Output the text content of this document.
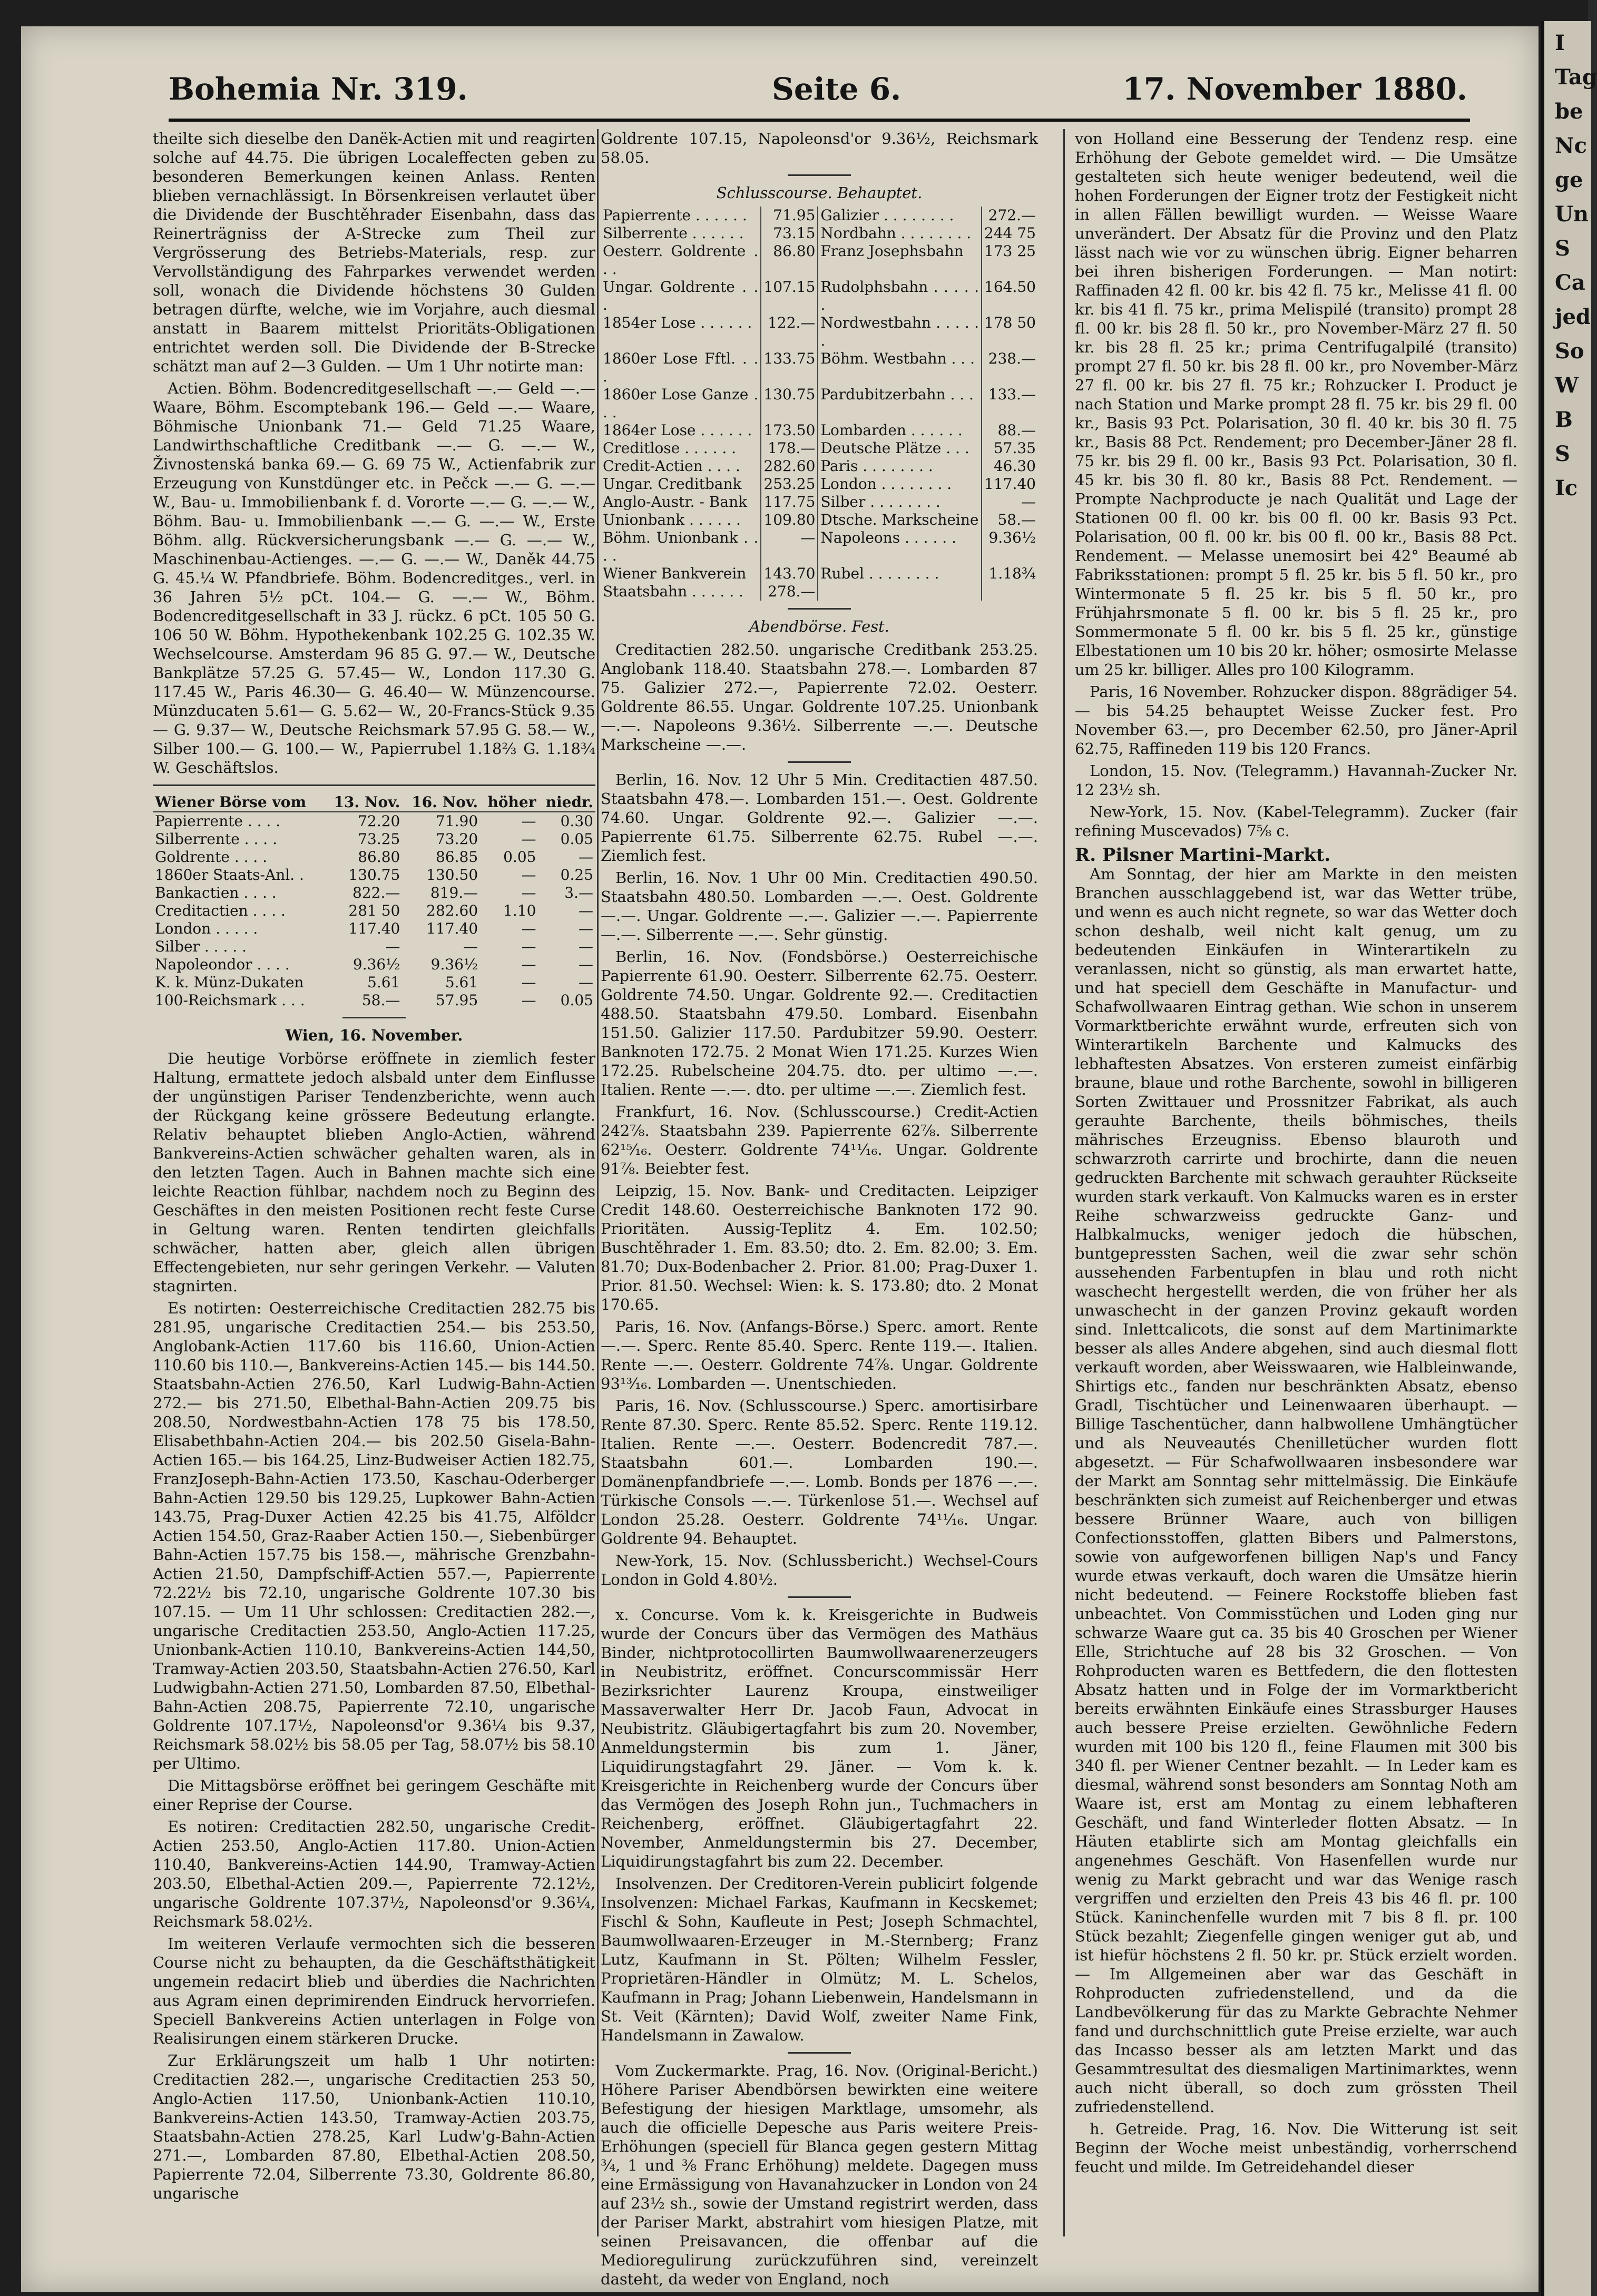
I
Tag
be
Nc
ge
Un
S
Ca
jed
So
W
B
S
Ic
Bohemia Nr. 319.	Seite 6.	17. November 1880.

theilte sich dieselbe den Danëk-Actien mit und reagirten solche auf 44.75. Die übrigen Localeffecten geben zu besonderen Bemerkungen keinen Anlass. Renten blieben vernachlässigt. In Börsenkreisen verlautet über die Dividende der Buschtěhrader Eisenbahn, dass das Reinerträgniss der A-Strecke zum Theil zur Vergrösserung des Betriebs-Materials, resp. zur Vervollständigung des Fahrparkes verwendet werden soll, wonach die Dividende höchstens 30 Gulden betragen dürfte, welche, wie im Vorjahre, auch diesmal anstatt in Baarem mittelst Prioritäts-Obligationen entrichtet werden soll. Die Dividende der B-Strecke schätzt man auf 2—3 Gulden. — Um 1 Uhr notirte man:

Actien. Böhm. Bodencreditgesellschaft —.— Geld —.— Waare, Böhm. Escomptebank 196.— Geld —.— Waare, Böhmische Unionbank 71.— Geld 71.25 Waare, Landwirthschaftliche Creditbank —.— G. —.— W., Živnostenská banka 69.— G. 69 75 W., Actienfabrik zur Erzeugung von Kunstdünger etc. in Pečck —.— G. —.— W., Bau- u. Immobilienbank f. d. Vororte —.— G. —.— W., Böhm. Bau- u. Immobilienbank —.— G. —.— W., Erste Böhm. allg. Rückversicherungsbank —.— G. —.— W., Maschinenbau-Actienges. —.— G. —.— W., Daněk 44.75 G. 45.¼ W. Pfandbriefe. Böhm. Bodencreditges., verl. in 36 Jahren 5½ pCt. 104.— G. —.— W., Böhm. Bodencreditgesellschaft in 33 J. rückz. 6 pCt. 105 50 G. 106 50 W. Böhm. Hypothekenbank 102.25 G. 102.35 W. Wechselcourse. Amsterdam 96 85 G. 97.— W., Deutsche Bankplätze 57.25 G. 57.45— W., London 117.30 G. 117.45 W., Paris 46.30— G. 46.40— W. Münzencourse. Münzducaten 5.61— G. 5.62— W., 20-Francs-Stück 9.35— G. 9.37— W., Deutsche Reichsmark 57.95 G. 58.— W., Silber 100.— G. 100.— W., Papierrubel 1.18⅔ G. 1.18¾ W. Geschäftslos.

Wiener Börse vom	13. Nov.	16. Nov.	höher	niedr.
Papierrente . . . .	72.20	71.90	—	0.30
Silberrente . . . .	73.25	73.20	—	0.05
Goldrente . . . .	86.80	86.85	0.05	—
1860er Staats-Anl. .	130.75	130.50	—	0.25
Bankactien . . . .	822.—	819.—	—	3.—
Creditactien . . . .	281 50	282.60	1.10	—
London . . . . .	117.40	117.40	—	—
Silber . . . . .	—	—	—	—
Napoleondor . . . .	9.36½	9.36½	—	—
K. k. Münz-Dukaten	5.61	5.61	—	—
100-Reichsmark . . .	58.—	57.95	—	0.05
Wien, 16. November.

Die heutige Vorbörse eröffnete in ziemlich fester Haltung, ermattete jedoch alsbald unter dem Einflusse der ungünstigen Pariser Tendenzberichte, wenn auch der Rückgang keine grössere Bedeutung erlangte. Relativ behauptet blieben Anglo-Actien, während Bankvereins-Actien schwächer gehalten waren, als in den letzten Tagen. Auch in Bahnen machte sich eine leichte Reaction fühlbar, nachdem noch zu Beginn des Geschäftes in den meisten Positionen recht feste Curse in Geltung waren. Renten tendirten gleichfalls schwächer, hatten aber, gleich allen übrigen Effectengebieten, nur sehr geringen Verkehr. — Valuten stagnirten.

Es notirten: Oesterreichische Creditactien 282.75 bis 281.95, ungarische Creditactien 254.— bis 253.50, Anglobank-Actien 117.60 bis 116.60, Union-Actien 110.60 bis 110.—, Bankvereins-Actien 145.— bis 144.50. Staatsbahn-Actien 276.50, Karl Ludwig-Bahn-Actien 272.— bis 271.50, Elbethal-Bahn-Actien 209.75 bis 208.50, Nordwestbahn-Actien 178 75 bis 178.50, Elisabethbahn-Actien 204.— bis 202.50 Gisela-Bahn-Actien 165.— bis 164.25, Linz-Budweiser Actien 182.75, FranzJoseph-Bahn-Actien 173.50, Kaschau-Oderberger Bahn-Actien 129.50 bis 129.25, Lupkower Bahn-Actien 143.75, Prag-Duxer Actien 42.25 bis 41.75, Alföldcr Actien 154.50, Graz-Raaber Actien 150.—, Siebenbürger Bahn-Actien 157.75 bis 158.—, mährische Grenzbahn-Actien 21.50, Dampfschiff-Actien 557.—, Papierrente 72.22½ bis 72.10, ungarische Goldrente 107.30 bis 107.15. — Um 11 Uhr schlossen: Creditactien 282.—, ungarische Creditactien 253.50, Anglo-Actien 117.25, Unionbank-Actien 110.10, Bankvereins-Actien 144,50, Tramway-Actien 203.50, Staatsbahn-Actien 276.50, Karl Ludwigbahn-Actien 271.50, Lombarden 87.50, Elbethal-Bahn-Actien 208.75, Papierrente 72.10, ungarische Goldrente 107.17½, Napoleonsd'or 9.36¼ bis 9.37, Reichsmark 58.02½ bis 58.05 per Tag, 58.07½ bis 58.10 per Ultimo.

Die Mittagsbörse eröffnet bei geringem Geschäfte mit einer Reprise der Course.

Es notiren: Creditactien 282.50, ungarische Credit-Actien 253.50, Anglo-Actien 117.80. Union-Actien 110.40, Bankvereins-Actien 144.90, Tramway-Actien 203.50, Elbethal-Actien 209.—, Papierrente 72.12½, ungarische Goldrente 107.37½, Napoleonsd'or 9.36¼, Reichsmark 58.02½.

Im weiteren Verlaufe vermochten sich die besseren Course nicht zu behaupten, da die Geschäftsthätigkeit ungemein redacirt blieb und überdies die Nachrichten aus Agram einen deprimirenden Eindruck hervorriefen. Speciell Bankvereins Actien unterlagen in Folge von Realisirungen einem stärkeren Drucke.

Zur Erklärungszeit um halb 1 Uhr notirten: Creditactien 282.—, ungarische Creditactien 253 50, Anglo-Actien 117.50, Unionbank-Actien 110.10, Bankvereins-Actien 143.50, Tramway-Actien 203.75, Staatsbahn-Actien 278.25, Karl Ludw'g-Bahn-Actien 271.—, Lombarden 87.80, Elbethal-Actien 208.50, Papierrente 72.04, Silberrente 73.30, Goldrente 86.80, ungarische

Goldrente 107.15, Napoleonsd'or 9.36½, Reichsmark 58.05.

Schlusscourse. Behauptet.
Papierrente . . . . . .	71.95	Galizier . . . . . . . .	272.—
Silberrente . . . . . .	73.15	Nordbahn . . . . . . . .	244 75
Oesterr. Goldrente . . .	86.80	Franz Josephsbahn	173 25
Ungar. Goldrente . . .	107.15	Rudolphsbahn . . . . . .	164.50
1854er Lose . . . . . .	122.—	Nordwestbahn . . . . . .	178 50
1860er Lose Fftl. . . .	133.75	Böhm. Westbahn . . .	238.—
1860er Lose Ganze . . .	130.75	Pardubitzerbahn . . .	133.—
1864er Lose . . . . . .	173.50	Lombarden . . . . . .	88.—
Creditlose . . . . . .	178.—	Deutsche Plätze . . .	57.35
Credit-Actien . . . .	282.60	Paris . . . . . . . .	46.30
Ungar. Creditbank	253.25	London . . . . . . . .	117.40
Anglo-Austr. - Bank	117.75	Silber . . . . . . . .	—
Unionbank . . . . . .	109.80	Dtsche. Markscheine	58.—
Böhm. Unionbank . . . .	—	Napoleons . . . . . .	9.36½
Wiener Bankverein	143.70	Rubel . . . . . . . .	1.18¾
Staatsbahn . . . . . .	278.—		
Abendbörse. Fest.

Creditactien 282.50. ungarische Creditbank 253.25. Anglobank 118.40. Staatsbahn 278.—. Lombarden 87 75. Galizier 272.—, Papierrente 72.02. Oesterr. Goldrente 86.55. Ungar. Goldrente 107.25. Unionbank —.—. Napoleons 9.36½. Silberrente —.—. Deutsche Markscheine —.—.

Berlin, 16. Nov. 12 Uhr 5 Min. Creditactien 487.50. Staatsbahn 478.—. Lombarden 151.—. Oest. Goldrente 74.60. Ungar. Goldrente 92.—. Galizier —.—. Papierrente 61.75. Silberrente 62.75. Rubel —.—. Ziemlich fest.

Berlin, 16. Nov. 1 Uhr 00 Min. Creditactien 490.50. Staatsbahn 480.50. Lombarden —.—. Oest. Goldrente —.—. Ungar. Goldrente —.—. Galizier —.—. Papierrente —.—. Silberrente —.—. Sehr günstig.

Berlin, 16. Nov. (Fondsbörse.) Oesterreichische Papierrente 61.90. Oesterr. Silberrente 62.75. Oesterr. Goldrente 74.50. Ungar. Goldrente 92.—. Creditactien 488.50. Staatsbahn 479.50. Lombard. Eisenbahn 151.50. Galizier 117.50. Pardubitzer 59.90. Oesterr. Banknoten 172.75. 2 Monat Wien 171.25. Kurzes Wien 172.25. Rubelscheine 204.75. dto. per ultimo —.—. Italien. Rente —.—. dto. per ultime —.—. Ziemlich fest.

Frankfurt, 16. Nov. (Schlusscourse.) Credit-Actien 242⅞. Staatsbahn 239. Papierrente 62⅞. Silberrente 62¹⁵⁄₁₆. Oesterr. Goldrente 74¹¹⁄₁₆. Ungar. Goldrente 91⅞. Beiebter fest.

Leipzig, 15. Nov. Bank- und Creditacten. Leipziger Credit 148.60. Oesterreichische Banknoten 172 90. Prioritäten. Aussig-Teplitz 4. Em. 102.50; Buschtěhrader 1. Em. 83.50; dto. 2. Em. 82.00; 3. Em. 81.70; Dux-Bodenbacher 2. Prior. 81.00; Prag-Duxer 1. Prior. 81.50. Wechsel: Wien: k. S. 173.80; dto. 2 Monat 170.65.

Paris, 16. Nov. (Anfangs-Börse.) Sperc. amort. Rente —.—. Sperc. Rente 85.40. Sperc. Rente 119.—. Italien. Rente —.—. Oesterr. Goldrente 74⅞. Ungar. Goldrente 93¹³⁄₁₆. Lombarden —. Unentschieden.

Paris, 16. Nov. (Schlusscourse.) Sperc. amortisirbare Rente 87.30. Sperc. Rente 85.52. Sperc. Rente 119.12. Italien. Rente —.—. Oesterr. Bodencredit 787.—. Staatsbahn 601.—. Lombarden 190.—. Domänenpfandbriefe —.—. Lomb. Bonds per 1876 —.—. Türkische Consols —.—. Türkenlose 51.—. Wechsel auf London 25.28. Oesterr. Goldrente 74¹¹⁄₁₆. Ungar. Goldrente 94. Behauptet.

New-York, 15. Nov. (Schlussbericht.) Wechsel-Cours London in Gold 4.80½.

x. Concurse. Vom k. k. Kreisgerichte in Budweis wurde der Concurs über das Vermögen des Mathäus Binder, nichtprotocollirten Baumwollwaarenerzeugers in Neubistritz, eröffnet. Concurscommissär Herr Bezirksrichter Laurenz Kroupa, einstweiliger Massaverwalter Herr Dr. Jacob Faun, Advocat in Neubistritz. Gläubigertagfahrt bis zum 20. November, Anmeldungstermin bis zum 1. Jäner, Liquidirungstagfahrt 29. Jäner. — Vom k. k. Kreisgerichte in Reichenberg wurde der Concurs über das Vermögen des Joseph Rohn jun., Tuchmachers in Reichenberg, eröffnet. Gläubigertagfahrt 22. November, Anmeldungstermin bis 27. December, Liquidirungstagfahrt bis zum 22. December.

Insolvenzen. Der Creditoren-Verein publicirt folgende Insolvenzen: Michael Farkas, Kaufmann in Kecskemet; Fischl & Sohn, Kaufleute in Pest; Joseph Schmachtel, Baumwollwaaren-Erzeuger in M.-Sternberg; Franz Lutz, Kaufmann in St. Pölten; Wilhelm Fessler, Proprietären-Händler in Olmütz; M. L. Schelos, Kaufmann in Prag; Johann Liebenwein, Handelsmann in St. Veit (Kärnten); David Wolf, zweiter Name Fink, Handelsmann in Zawalow.

Vom Zuckermarkte. Prag, 16. Nov. (Original-Bericht.) Höhere Pariser Abendbörsen bewirkten eine weitere Befestigung der hiesigen Marktlage, umsomehr, als auch die officielle Depesche aus Paris weitere Preis-Erhöhungen (speciell für Blanca gegen gestern Mittag ¾, 1 und ⅜ Franc Erhöhung) meldete. Dagegen muss eine Ermässigung von Havanahzucker in London von 24 auf 23½ sh., sowie der Umstand registrirt werden, dass der Pariser Markt, abstrahirt vom hiesigen Platze, mit seinen Preisavancen, die offenbar auf die Medioregulirung zurückzuführen sind, vereinzelt dasteht, da weder von England, noch

von Holland eine Besserung der Tendenz resp. eine Erhöhung der Gebote gemeldet wird. — Die Umsätze gestalteten sich heute weniger bedeutend, weil die hohen Forderungen der Eigner trotz der Festigkeit nicht in allen Fällen bewilligt wurden. — Weisse Waare unverändert. Der Absatz für die Provinz und den Platz lässt nach wie vor zu wünschen übrig. Eigner beharren bei ihren bisherigen Forderungen. — Man notirt: Raffinaden 42 fl. 00 kr. bis 42 fl. 75 kr., Melisse 41 fl. 00 kr. bis 41 fl. 75 kr., prima Melispilé (transito) prompt 28 fl. 00 kr. bis 28 fl. 50 kr., pro November-März 27 fl. 50 kr. bis 28 fl. 25 kr.; prima Centrifugalpilé (transito) prompt 27 fl. 50 kr. bis 28 fl. 00 kr., pro November-März 27 fl. 00 kr. bis 27 fl. 75 kr.; Rohzucker I. Product je nach Station und Marke prompt 28 fl. 75 kr. bis 29 fl. 00 kr., Basis 93 Pct. Polarisation, 30 fl. 40 kr. bis 30 fl. 75 kr., Basis 88 Pct. Rendement; pro December-Jäner 28 fl. 75 kr. bis 29 fl. 00 kr., Basis 93 Pct. Polarisation, 30 fl. 45 kr. bis 30 fl. 80 kr., Basis 88 Pct. Rendement. — Prompte Nachproducte je nach Qualität und Lage der Stationen 00 fl. 00 kr. bis 00 fl. 00 kr. Basis 93 Pct. Polarisation, 00 fl. 00 kr. bis 00 fl. 00 kr., Basis 88 Pct. Rendement. — Melasse unemosirt bei 42° Beaumé ab Fabriksstationen: prompt 5 fl. 25 kr. bis 5 fl. 50 kr., pro Wintermonate 5 fl. 25 kr. bis 5 fl. 50 kr., pro Frühjahrsmonate 5 fl. 00 kr. bis 5 fl. 25 kr., pro Sommermonate 5 fl. 00 kr. bis 5 fl. 25 kr., günstige Elbestationen um 10 bis 20 kr. höher; osmosirte Melasse um 25 kr. billiger. Alles pro 100 Kilogramm.

Paris, 16 November. Rohzucker dispon. 88grädiger 54.— bis 54.25 behauptet Weisse Zucker fest. Pro November 63.—, pro December 62.50, pro Jäner-April 62.75, Raffineden 119 bis 120 Francs.

London, 15. Nov. (Telegramm.) Havannah-Zucker Nr. 12 23½ sh.

New-York, 15. Nov. (Kabel-Telegramm). Zucker (fair refining Muscevados) 7⅝ c.

R. Pilsner Martini-Markt.

Am Sonntag, der hier am Markte in den meisten Branchen ausschlaggebend ist, war das Wetter trübe, und wenn es auch nicht regnete, so war das Wetter doch schon deshalb, weil nicht kalt genug, um zu bedeutenden Einkäufen in Winterartikeln zu veranlassen, nicht so günstig, als man erwartet hatte, und hat speciell dem Geschäfte in Manufactur- und Schafwollwaaren Eintrag gethan. Wie schon in unserem Vormarktberichte erwähnt wurde, erfreuten sich von Winterartikeln Barchente und Kalmucks des lebhaftesten Absatzes. Von ersteren zumeist einfärbig braune, blaue und rothe Barchente, sowohl in billigeren Sorten Zwittauer und Prossnitzer Fabrikat, als auch gerauhte Barchente, theils böhmisches, theils mährisches Erzeugniss. Ebenso blauroth und schwarzroth carrirte und brochirte, dann die neuen gedruckten Barchente mit schwach gerauhter Rückseite wurden stark verkauft. Von Kalmucks waren es in erster Reihe schwarzweiss gedruckte Ganz- und Halbkalmucks, weniger jedoch die hübschen, buntgepressten Sachen, weil die zwar sehr schön aussehenden Farbentupfen in blau und roth nicht waschecht hergestellt werden, die von früher her als unwaschecht in der ganzen Provinz gekauft worden sind. Inlettcalicots, die sonst auf dem Martinimarkte besser als alles Andere abgehen, sind auch diesmal flott verkauft worden, aber Weisswaaren, wie Halbleinwande, Shirtigs etc., fanden nur beschränkten Absatz, ebenso Gradl, Tischtücher und Leinenwaaren überhaupt. — Billige Taschentücher, dann halbwollene Umhängtücher und als Neuveautés Chenilletücher wurden flott abgesetzt. — Für Schafwollwaaren insbesondere war der Markt am Sonntag sehr mittelmässig. Die Einkäufe beschränkten sich zumeist auf Reichenberger und etwas bessere Brünner Waare, auch von billigen Confectionsstoffen, glatten Bibers und Palmerstons, sowie von aufgeworfenen billigen Nap's und Fancy wurde etwas verkauft, doch waren die Umsätze hierin nicht bedeutend. — Feinere Rockstoffe blieben fast unbeachtet. Von Commisstüchen und Loden ging nur schwarze Waare gut ca. 35 bis 40 Groschen per Wiener Elle, Strichtuche auf 28 bis 32 Groschen. — Von Rohproducten waren es Bettfedern, die den flottesten Absatz hatten und in Folge der im Vormarktbericht bereits erwähnten Einkäufe eines Strassburger Hauses auch bessere Preise erzielten. Gewöhnliche Federn wurden mit 100 bis 120 fl., feine Flaumen mit 300 bis 340 fl. per Wiener Centner bezahlt. — In Leder kam es diesmal, während sonst besonders am Sonntag Noth am Waare ist, erst am Montag zu einem lebhafteren Geschäft, und fand Winterleder flotten Absatz. — In Häuten etablirte sich am Montag gleichfalls ein angenehmes Geschäft. Von Hasenfellen wurde nur wenig zu Markt gebracht und war das Wenige rasch vergriffen und erzielten den Preis 43 bis 46 fl. pr. 100 Stück. Kaninchenfelle wurden mit 7 bis 8 fl. pr. 100 Stück bezahlt; Ziegenfelle gingen weniger gut ab, und ist hiefür höchstens 2 fl. 50 kr. pr. Stück erzielt worden. — Im Allgemeinen aber war das Geschäft in Rohproducten zufriedenstellend, und da die Landbevölkerung für das zu Markte Gebrachte Nehmer fand und durchschnittlich gute Preise erzielte, war auch das Incasso besser als am letzten Markt und das Gesammtresultat des diesmaligen Martinimarktes, wenn auch nicht überall, so doch zum grössten Theil zufriedenstellend.

h. Getreide. Prag, 16. Nov. Die Witterung ist seit Beginn der Woche meist unbeständig, vorherrschend feucht und milde. Im Getreidehandel dieser
